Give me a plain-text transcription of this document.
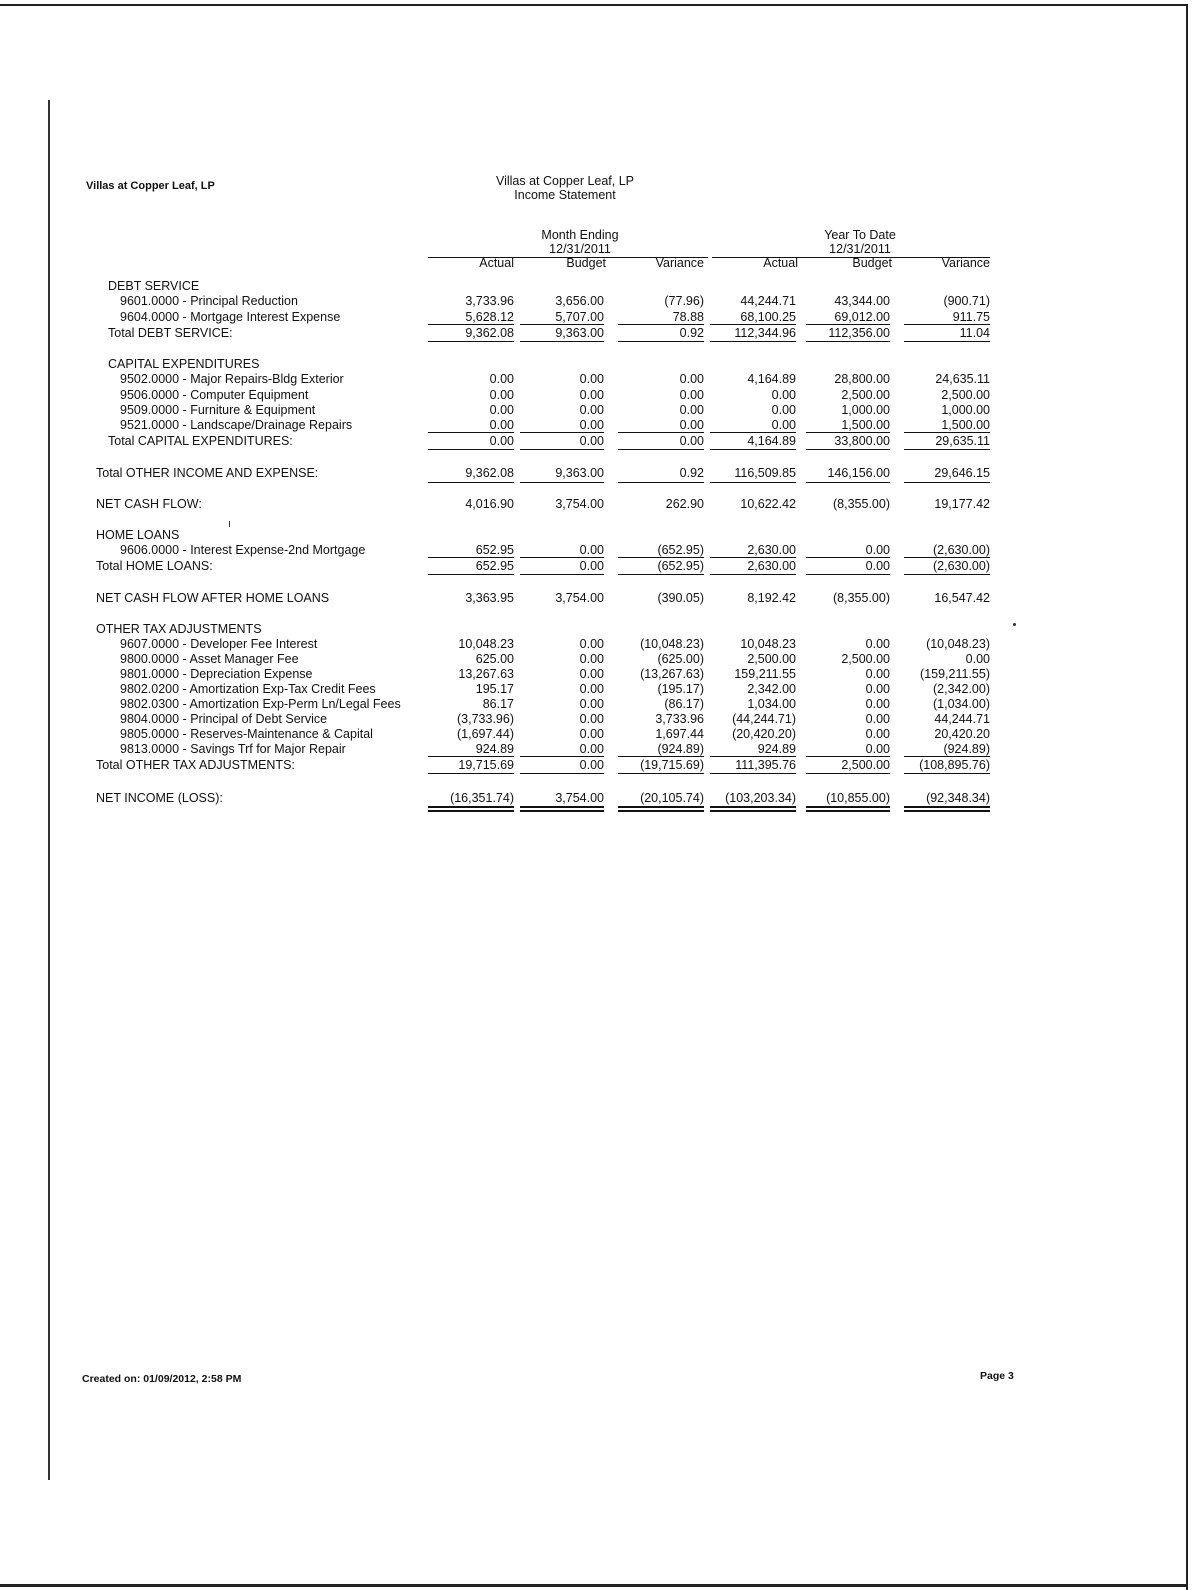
Villas at Copper Leaf, LP	Villas at Copper Leaf, LP
Income Statement
Month Ending
12/31/2011
Year To Date
12/31/2011
Actual	Budget	Variance	Actual	Budget	Variance
DEBT SERVICE
9601.0000 - Principal Reduction	3,733.96	3,656.00	(77.96)	44,244.71	43,344.00	(900.71)
9604.0000 - Mortgage Interest Expense	5,628.12	5,707.00	78.88	68,100.25	69,012.00	911.75
Total DEBT SERVICE:	9,362.08	9,363.00	0.92	112,344.96	112,356.00	11.04
CAPITAL EXPENDITURES
9502.0000 - Major Repairs-Bldg Exterior	0.00	0.00	0.00	4,164.89	28,800.00	24,635.11
9506.0000 - Computer Equipment	0.00	0.00	0.00	0.00	2,500.00	2,500.00
9509.0000 - Furniture & Equipment	0.00	0.00	0.00	0.00	1,000.00	1,000.00
9521.0000 - Landscape/Drainage Repairs	0.00	0.00	0.00	0.00	1,500.00	1,500.00
Total CAPITAL EXPENDITURES:	0.00	0.00	0.00	4,164.89	33,800.00	29,635.11
Total OTHER INCOME AND EXPENSE:	9,362.08	9,363.00	0.92	116,509.85	146,156.00	29,646.15
NET CASH FLOW:	4,016.90	3,754.00	262.90	10,622.42	(8,355.00)	19,177.42
HOME LOANS
9606.0000 - Interest Expense-2nd Mortgage	652.95	0.00	(652.95)	2,630.00	0.00	(2,630.00)
Total HOME LOANS:	652.95	0.00	(652.95)	2,630.00	0.00	(2,630.00)
NET CASH FLOW AFTER HOME LOANS	3,363.95	3,754.00	(390.05)	8,192.42	(8,355.00)	16,547.42
OTHER TAX ADJUSTMENTS
9607.0000 - Developer Fee Interest	10,048.23	0.00	(10,048.23)	10,048.23	0.00	(10,048.23)
9800.0000 - Asset Manager Fee	625.00	0.00	(625.00)	2,500.00	2,500.00	0.00
9801.0000 - Depreciation Expense	13,267.63	0.00	(13,267.63)	159,211.55	0.00	(159,211.55)
9802.0200 - Amortization Exp-Tax Credit Fees	195.17	0.00	(195.17)	2,342.00	0.00	(2,342.00)
9802.0300 - Amortization Exp-Perm Ln/Legal Fees	86.17	0.00	(86.17)	1,034.00	0.00	(1,034.00)
9804.0000 - Principal of Debt Service	(3,733.96)	0.00	3,733.96	(44,244.71)	0.00	44,244.71
9805.0000 - Reserves-Maintenance & Capital	(1,697.44)	0.00	1,697.44	(20,420.20)	0.00	20,420.20
9813.0000 - Savings Trf for Major Repair	924.89	0.00	(924.89)	924.89	0.00	(924.89)
Total OTHER TAX ADJUSTMENTS:	19,715.69	0.00	(19,715.69)	111,395.76	2,500.00	(108,895.76)
NET INCOME (LOSS):	(16,351.74)	3,754.00	(20,105.74)	(103,203.34)	(10,855.00)	(92,348.34)
Created on: 01/09/2012, 2:58 PM	Page 3
